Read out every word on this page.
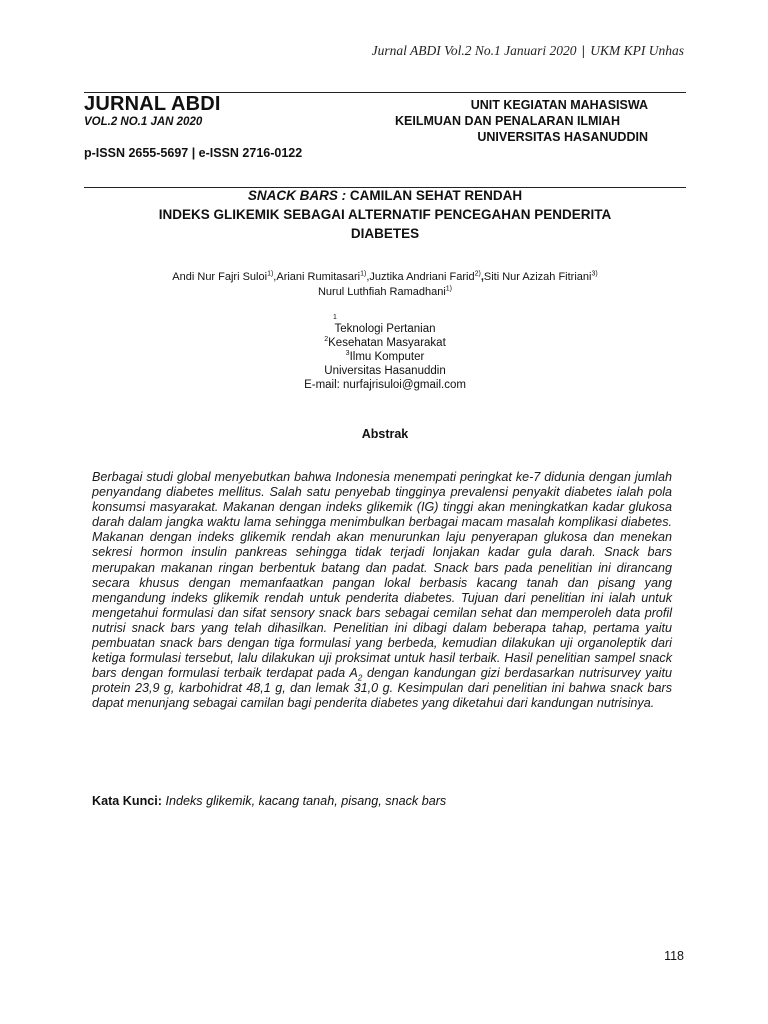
Jurnal ABDI Vol.2 No.1 Januari 2020 | UKM KPI Unhas
JURNAL ABDI
VOL.2 NO.1 JAN 2020
UNIT KEGIATAN MAHASISWA
KEILMUAN DAN PENALARAN ILMIAH
UNIVERSITAS HASANUDDIN
p-ISSN 2655-5697 | e-ISSN 2716-0122
SNACK BARS : CAMILAN SEHAT RENDAH
INDEKS GLIKEMIK SEBAGAI ALTERNATIF PENCEGAHAN PENDERITA
DIABETES
Andi Nur Fajri Suloi$^{1)}$,Ariani Rumitasari$^{1)}$,Juztika Andriani Farid$^{2)}$,Siti Nur Azizah Fitriani$^{3)}$
Nurul Luthfiah Ramadhani$^{1)}$
1
Teknologi Pertanian
$^2$Kesehatan Masyarakat
$^3$Ilmu Komputer
Universitas Hasanuddin
E-mail: nurfajrisuloi@gmail.com
Abstrak
Berbagai studi global menyebutkan bahwa Indonesia menempati peringkat ke-7 didunia dengan jumlah penyandang diabetes mellitus. Salah satu penyebab tingginya prevalensi penyakit diabetes ialah pola konsumsi masyarakat. Makanan dengan indeks glikemik (IG) tinggi akan meningkatkan kadar glukosa darah dalam jangka waktu lama sehingga menimbulkan berbagai macam masalah komplikasi diabetes. Makanan dengan indeks glikemik rendah akan menurunkan laju penyerapan glukosa dan menekan sekresi hormon insulin pankreas sehingga tidak terjadi lonjakan kadar gula darah. Snack bars merupakan makanan ringan berbentuk batang dan padat. Snack bars pada penelitian ini dirancang secara khusus dengan memanfaatkan pangan lokal berbasis kacang tanah dan pisang yang mengandung indeks glikemik rendah untuk penderita diabetes. Tujuan dari penelitian ini ialah untuk mengetahui formulasi dan sifat sensory snack bars sebagai cemilan sehat dan memperoleh data profil nutrisi snack bars yang telah dihasilkan. Penelitian ini dibagi dalam beberapa tahap, pertama yaitu pembuatan snack bars dengan tiga formulasi yang berbeda, kemudian dilakukan uji organoleptik dari ketiga formulasi tersebut, lalu dilakukan uji proksimat untuk hasil terbaik. Hasil penelitian sampel snack bars dengan formulasi terbaik terdapat pada $A_2$ dengan kandungan gizi berdasarkan nutrisurvey yaitu protein 23,9 g, karbohidrat 48,1 g, dan lemak 31,0 g. Kesimpulan dari penelitian ini bahwa snack bars dapat menunjang sebagai camilan bagi penderita diabetes yang diketahui dari kandungan nutrisinya.
Kata Kunci: Indeks glikemik, kacang tanah, pisang, snack bars
118
